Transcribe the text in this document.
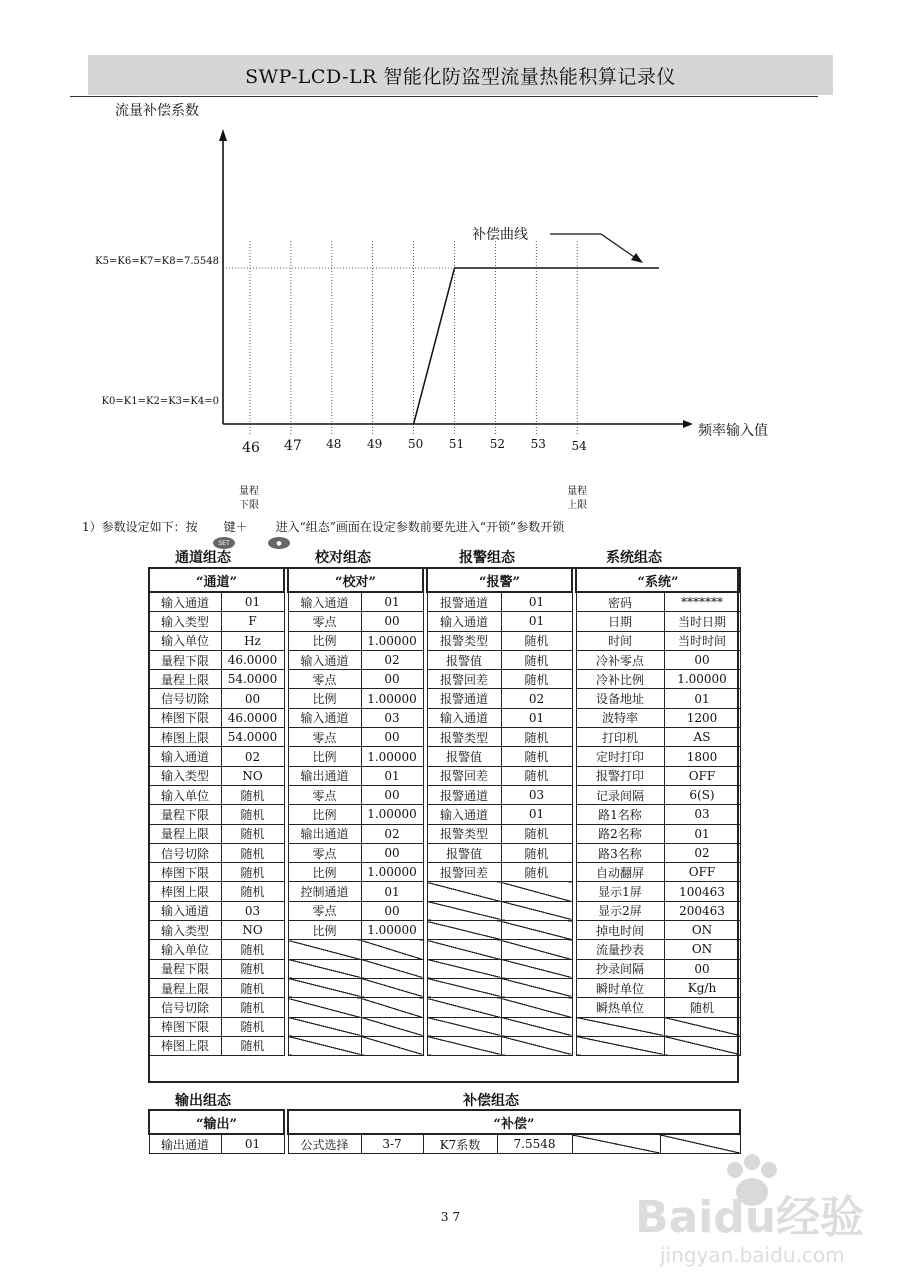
SWP-LCD-LR 智能化防盗型流量热能积算记录仪
46 47 48 49 50 51 52 53 54
K0=K1=K2=K3=K4=0
K5=K6=K7=K8=7.5548
流量补偿系数
频率输入值
补偿曲线
量程
下限
量程
上限
1）参数设定如下：按 键＋ 进入“组态”画面在设定参数前要先进入“开锁”参数开锁
SET	●
通道组态	校对组态	报警组态	系统组态
“通道”			“校对”			“报警”			“系统”	
输入通道	01		输入通道	01		报警通道	01		密码	*******
输入类型	F		零点	00		输入通道	01		日期	当时日期
输入单位	Hz		比例	1.00000		报警类型	随机		时间	当时时间
量程下限	46.0000		输入通道	02		报警值	随机		冷补零点	00
量程上限	54.0000		零点	00		报警回差	随机		冷补比例	1.00000
信号切除	00		比例	1.00000		报警通道	02		设备地址	01
棒图下限	46.0000		输入通道	03		输入通道	01		波特率	1200
棒图上限	54.0000		零点	00		报警类型	随机		打印机	AS
输入通道	02		比例	1.00000		报警值	随机		定时打印	1800
输入类型	NO		输出通道	01		报警回差	随机		报警打印	OFF
输入单位	随机		零点	00		报警通道	03		记录间隔	6(S)
量程下限	随机		比例	1.00000		输入通道	01		路1名称	03
量程上限	随机		输出通道	02		报警类型	随机		路2名称	01
信号切除	随机		零点	00		报警值	随机		路3名称	02
棒图下限	随机		比例	1.00000		报警回差	随机		自动翻屏	OFF
棒图上限	随机		控制通道	01					显示1屏	100463
输入通道	03		零点	00					显示2屏	200463
输入类型	NO		比例	1.00000					掉电时间	ON
输入单位	随机								流量抄表	ON
量程下限	随机								抄录间隔	00
量程上限	随机								瞬时单位	Kg/h
信号切除	随机								瞬热单位	随机
棒图下限	随机									
棒图上限	随机									
输出组态	补偿组态
“输出”			“补偿”					
输出通道	01		公式选择	3-7	K7系数	7.5548		
37	Baidu经验
jingyan.baidu.com
